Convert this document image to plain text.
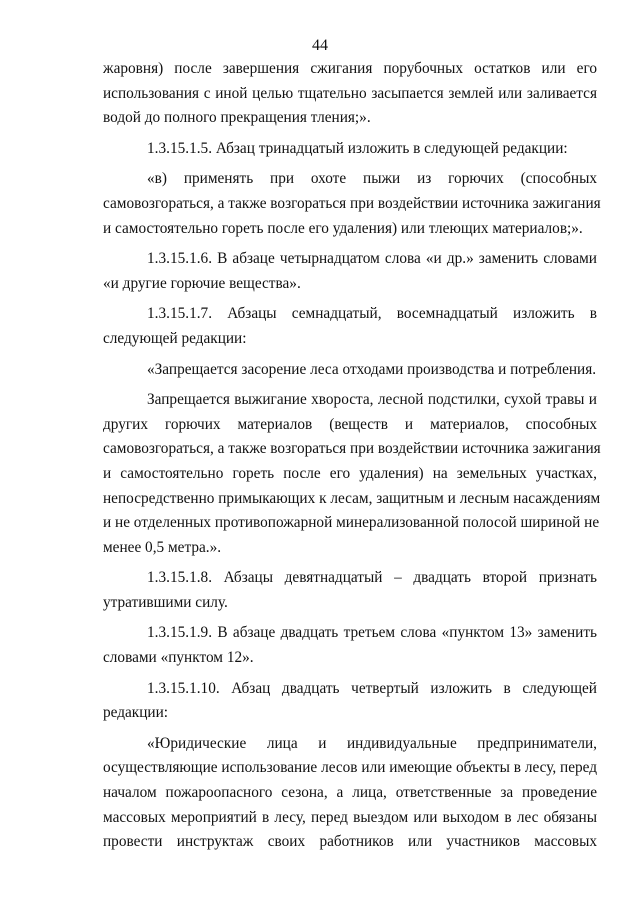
44
жаровня) после завершения сжигания порубочных остатков или его
использования с иной целью тщательно засыпается землей или заливается
водой до полного прекращения тления;».
1.3.15.1.5. Абзац тринадцатый изложить в следующей редакции:
«в) применять при охоте пыжи из горючих (способных
самовозгораться, а также возгораться при воздействии источника зажигания
и самостоятельно гореть после его удаления) или тлеющих материалов;».
1.3.15.1.6. В абзаце четырнадцатом слова «и др.» заменить словами
«и другие горючие вещества».
1.3.15.1.7. Абзацы семнадцатый, восемнадцатый изложить в
следующей редакции:
«Запрещается засорение леса отходами производства и потребления.
Запрещается выжигание хвороста, лесной подстилки, сухой травы и
других горючих материалов (веществ и материалов, способных
самовозгораться, а также возгораться при воздействии источника зажигания
и самостоятельно гореть после его удаления) на земельных участках,
непосредственно примыкающих к лесам, защитным и лесным насаждениям
и не отделенных противопожарной минерализованной полосой шириной не
менее 0,5 метра.».
1.3.15.1.8. Абзацы девятнадцатый – двадцать второй признать
утратившими силу.
1.3.15.1.9. В абзаце двадцать третьем слова «пунктом 13» заменить
словами «пунктом 12».
1.3.15.1.10. Абзац двадцать четвертый изложить в следующей
редакции:
«Юридические лица и индивидуальные предприниматели,
осуществляющие использование лесов или имеющие объекты в лесу, перед
началом пожароопасного сезона, а лица, ответственные за проведение
массовых мероприятий в лесу, перед выездом или выходом в лес обязаны
провести инструктаж своих работников или участников массовых
